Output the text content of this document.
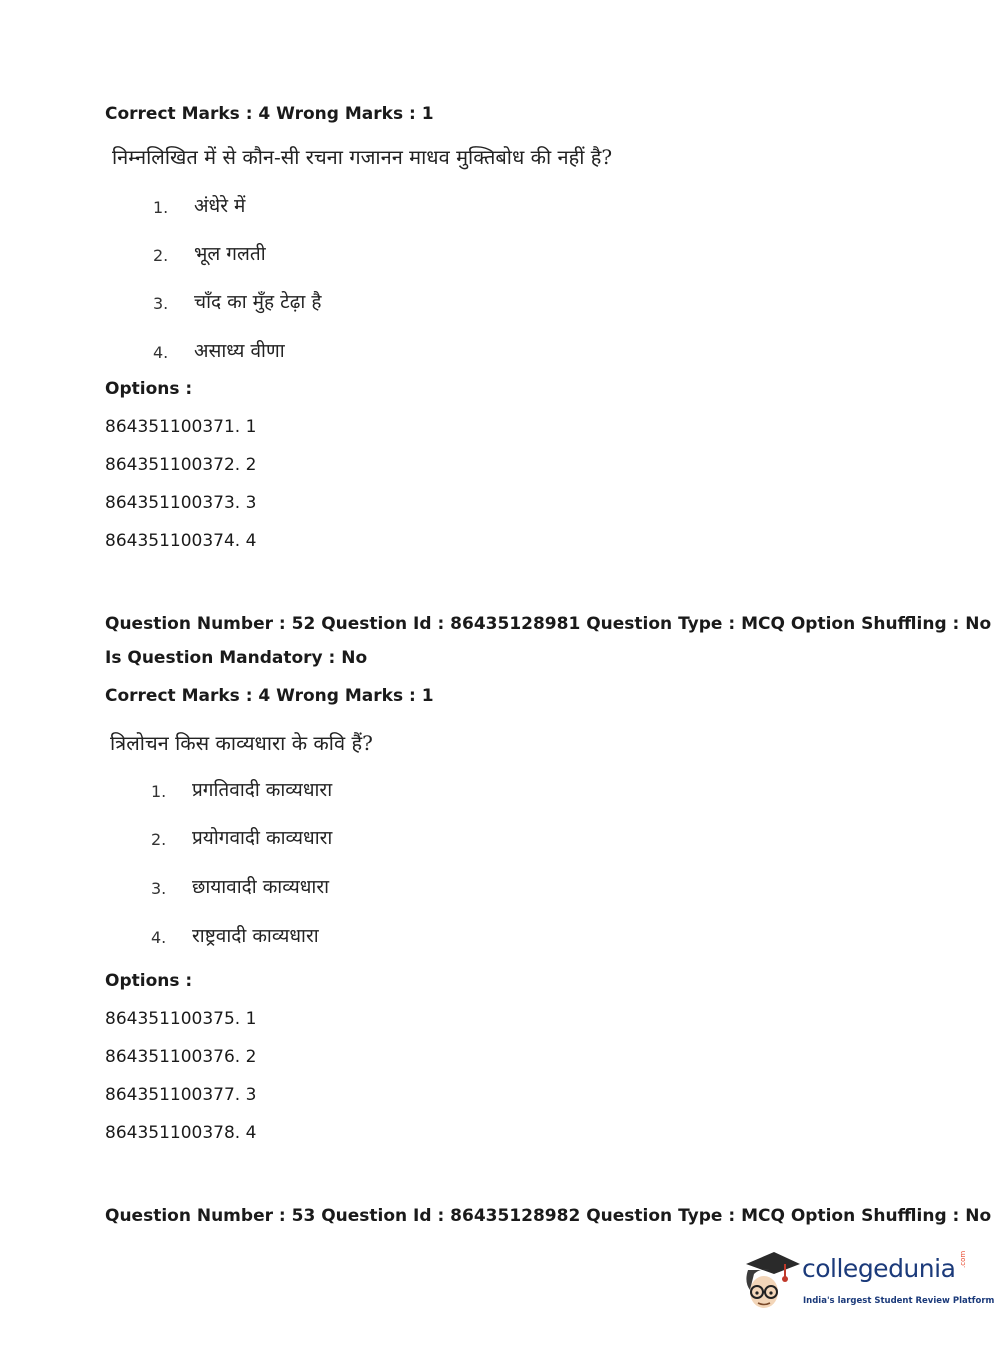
Correct Marks : 4 Wrong Marks : 1
निम्नलिखित में से कौन-सी रचना गजानन माधव मुक्तिबोध की नहीं है?
1. अंधेरे में
2. भूल गलती
3. चाँद का मुँह टेढ़ा है
4. असाध्य वीणा
Options :
864351100371. 1
864351100372. 2
864351100373. 3
864351100374. 4
Question Number : 52 Question Id : 86435128981 Question Type : MCQ Option Shuffling : No
Is Question Mandatory : No
Correct Marks : 4 Wrong Marks : 1
त्रिलोचन किस काव्यधारा के कवि हैं?
1. प्रगतिवादी काव्यधारा
2. प्रयोगवादी काव्यधारा
3. छायावादी काव्यधारा
4. राष्ट्रवादी काव्यधारा
Options :
864351100375. 1
864351100376. 2
864351100377. 3
864351100378. 4
Question Number : 53 Question Id : 86435128982 Question Type : MCQ Option Shuffling : No
collegedunia .com
India's largest Student Review Platform
